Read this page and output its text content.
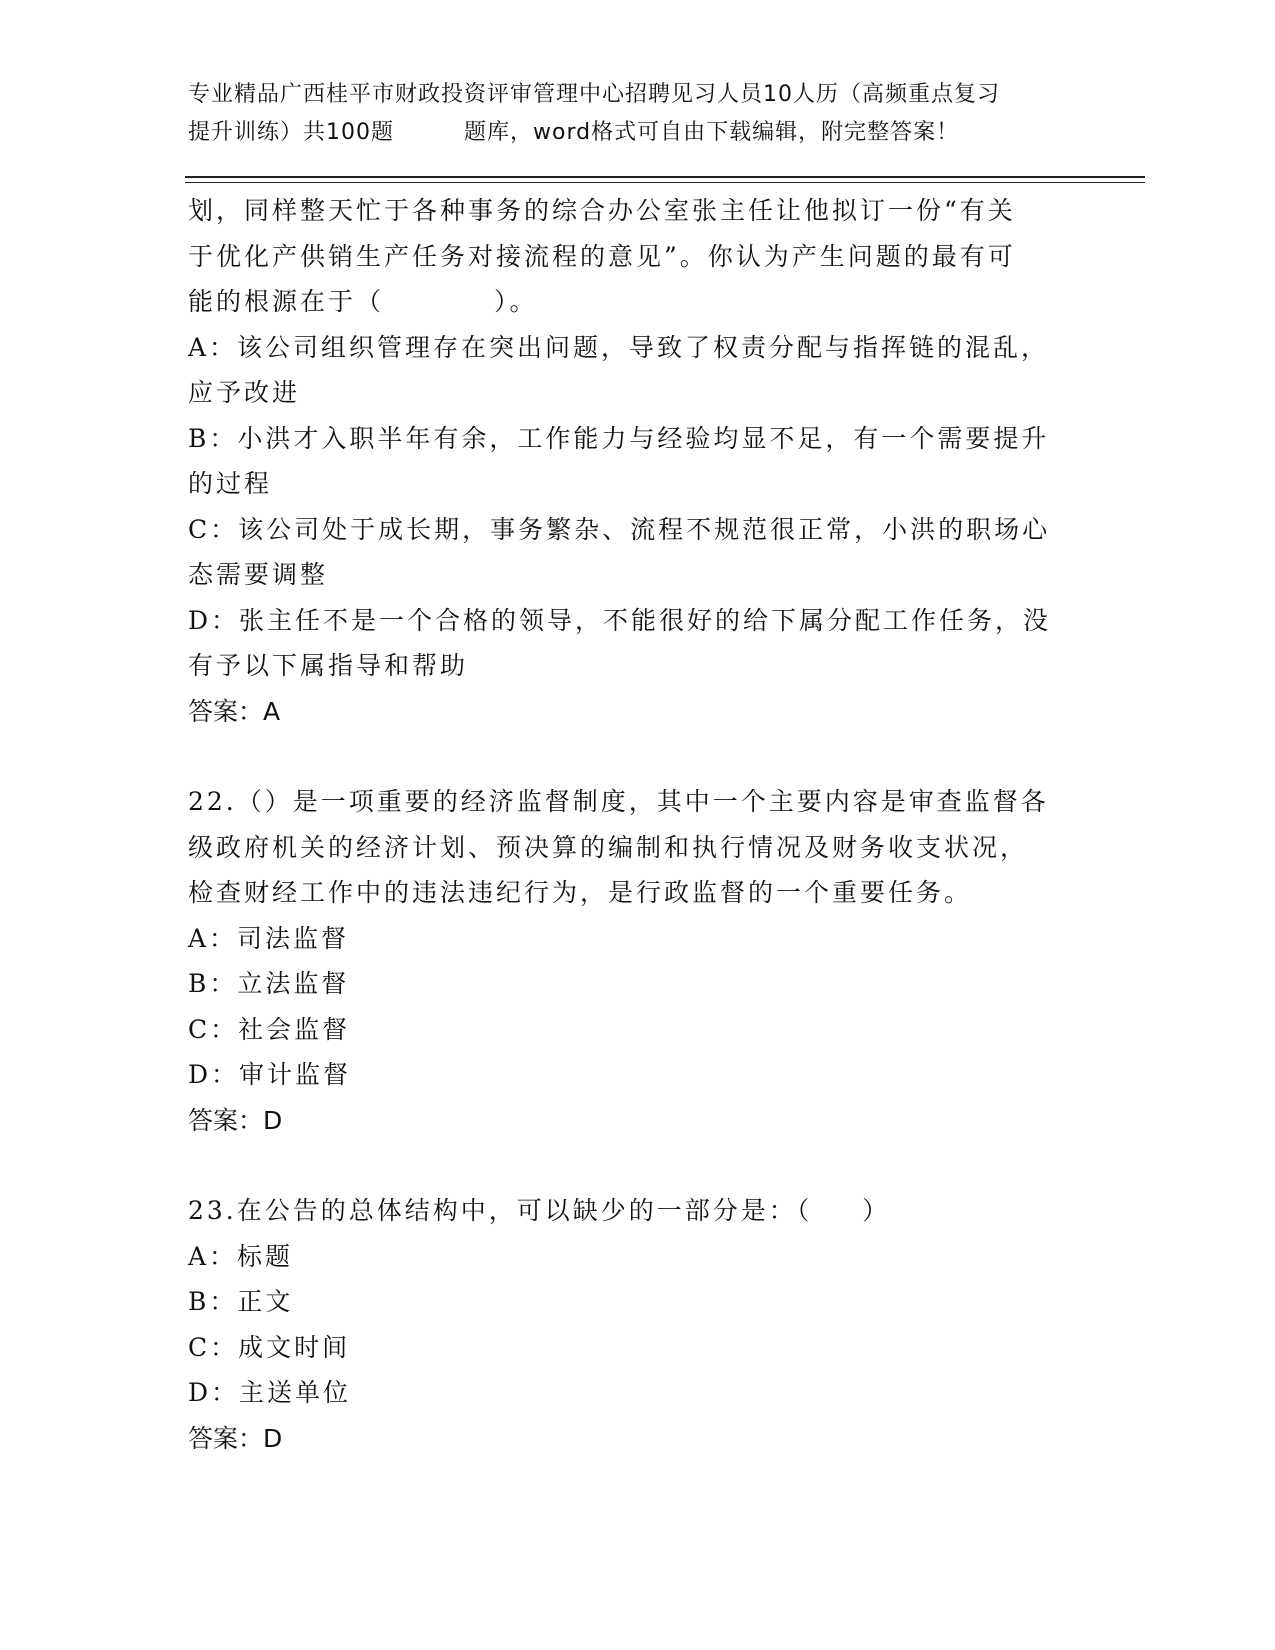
专业精品广西桂平市财政投资评审管理中心招聘见习人员10人历（高频重点复习
提升训练）共100题	题库，word格式可自由下载编辑，附完整答案！
划，同样整天忙于各种事务的综合办公室张主任让他拟订一份“有关
于优化产供销生产任务对接流程的意见”。你认为产生问题的最有可
能的根源在于（	）。
A：该公司组织管理存在突出问题，导致了权责分配与指挥链的混乱，
应予改进
B：小洪才入职半年有余，工作能力与经验均显不足，有一个需要提升
的过程
C：该公司处于成长期，事务繁杂、流程不规范很正常，小洪的职场心
态需要调整
D：张主任不是一个合格的领导，不能很好的给下属分配工作任务，没
有予以下属指导和帮助
答案：A
22.（）是一项重要的经济监督制度，其中一个主要内容是审查监督各
级政府机关的经济计划、预决算的编制和执行情况及财务收支状况，
检查财经工作中的违法违纪行为，是行政监督的一个重要任务。
A：司法监督
B：立法监督
C：社会监督
D：审计监督
答案：D
23.在公告的总体结构中，可以缺少的一部分是：（ ）
A：标题
B：正文
C：成文时间
D：主送单位
答案：D
